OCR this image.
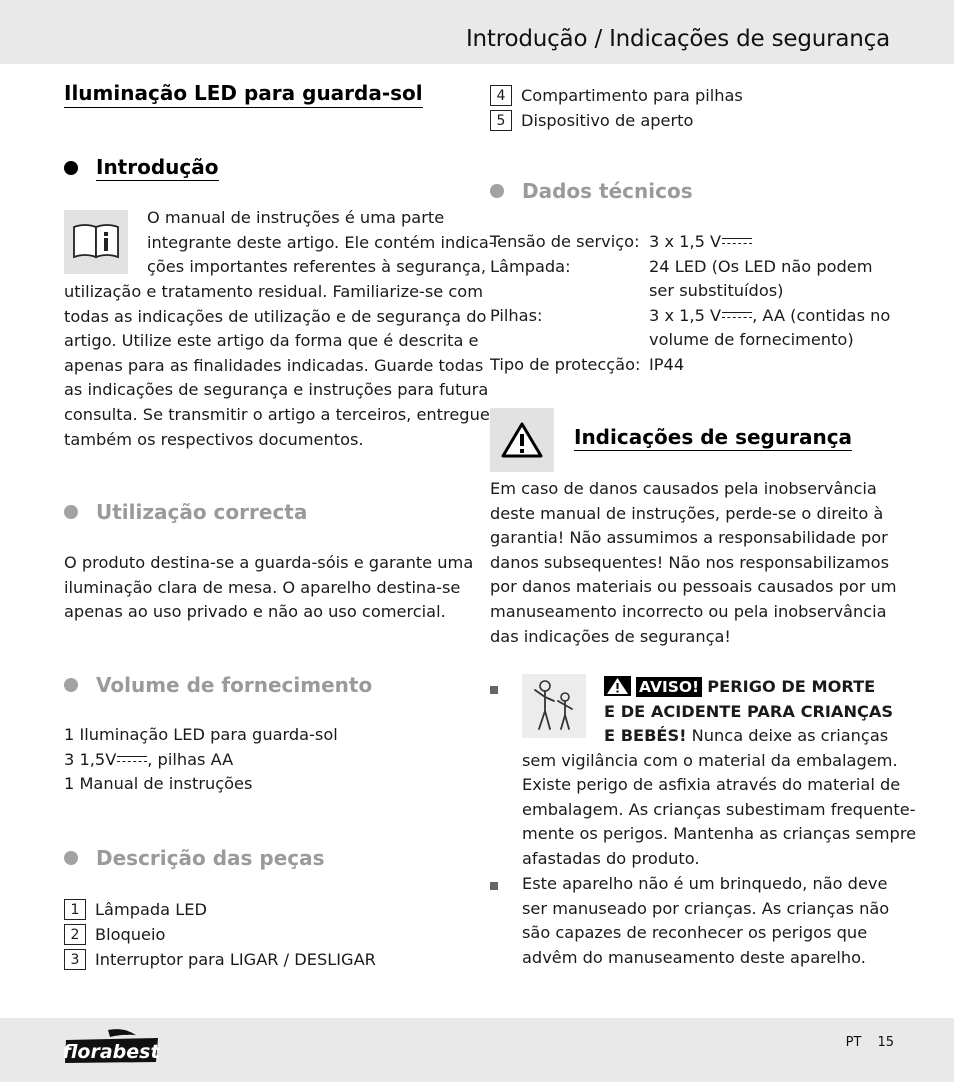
Introdução / Indicações de segurança
Iluminação LED para guarda-sol
Introdução

O manual de instruções é uma parte

integrante deste artigo. Ele contém indica-

ções importantes referentes à segurança,

utilização e tratamento residual. Familiarize-se com

todas as indicações de utilização e de segurança do

artigo. Utilize este artigo da forma que é descrita e

apenas para as finalidades indicadas. Guarde todas

as indicações de segurança e instruções para futura

consulta. Se transmitir o artigo a terceiros, entregue

também os respectivos documentos.

Utilização correcta

O produto destina-se a guarda-sóis e garante uma

iluminação clara de mesa. O aparelho destina-se

apenas ao uso privado e não ao uso comercial.

Volume de fornecimento

1 Iluminação LED para guarda-sol

3 1,5V , pilhas AA

1 Manual de instruções

Descrição das peças
1 Lâmpada LED
2 Bloqueio
3 Interruptor para LIGAR / DESLIGAR
4 Compartimento para pilhas
5 Dispositivo de aperto
Dados técnicos
Tensão de serviço: 3 x 1,5 V
Lâmpada:	24 LED (Os LED não podem
ser substituídos)
Pilhas:	3 x 1,5 V , AA (contidas no
volume de fornecimento)
Tipo de protecção: IP44
Indicações de segurança

Em caso de danos causados pela inobservância

deste manual de instruções, perde-se o direito à

garantia! Não assumimos a responsabilidade por

danos subsequentes! Não nos responsabilizamos

por danos materiais ou pessoais causados por um

manuseamento incorrecto ou pela inobservância

das indicações de segurança!

AVISO! PERIGO DE MORTE

E DE ACIDENTE PARA CRIANÇAS

E BEBÉS! Nunca deixe as crianças

sem vigilância com o material da embalagem.

Existe perigo de asfixia através do material de

embalagem. As crianças subestimam frequente-

mente os perigos. Mantenha as crianças sempre

afastadas do produto.

Este aparelho não é um brinquedo, não deve

ser manuseado por crianças. As crianças não

são capazes de reconhecer os perigos que

advêm do manuseamento deste aparelho.

florabest	PT 15
